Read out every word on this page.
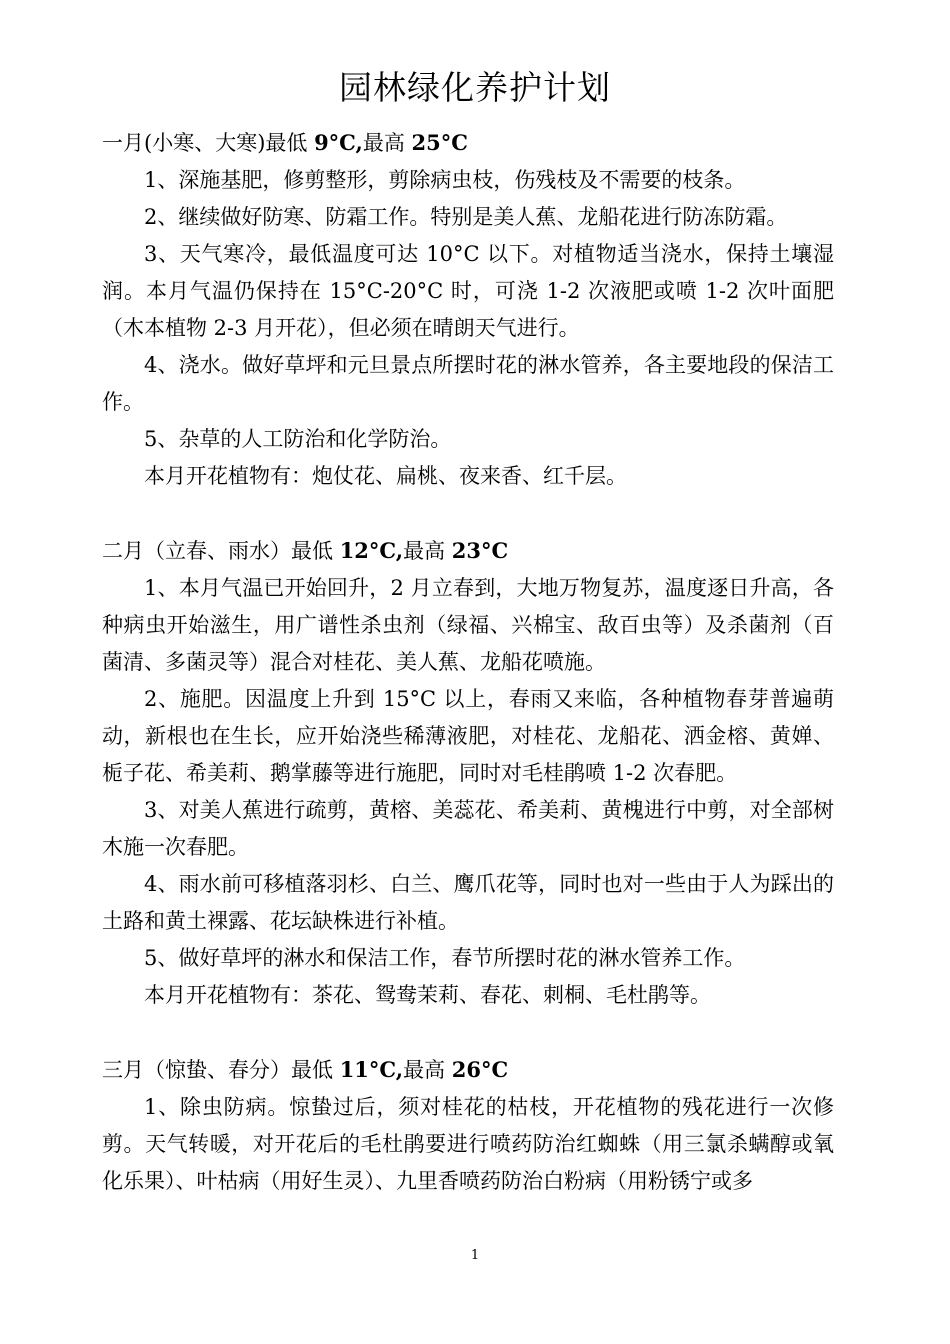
园林绿化养护计划

一月(小寒、大寒)最低 9°C,最高 25°C

1、深施基肥，修剪整形，剪除病虫枝，伤残枝及不需要的枝条。

2、继续做好防寒、防霜工作。特别是美人蕉、龙船花进行防冻防霜。

3、天气寒冷，最低温度可达 10°C 以下。对植物适当浇水，保持土壤湿润。本月气温仍保持在 15°C-20°C 时，可浇 1-2 次液肥或喷 1-2 次叶面肥（木本植物 2-3 月开花），但必须在晴朗天气进行。

4、浇水。做好草坪和元旦景点所摆时花的淋水管养，各主要地段的保洁工作。

5、杂草的人工防治和化学防治。

本月开花植物有：炮仗花、扁桃、夜来香、红千层。

二月（立春、雨水）最低 12°C,最高 23°C

1、本月气温已开始回升，2 月立春到，大地万物复苏，温度逐日升高，各种病虫开始滋生，用广谱性杀虫剂（绿福、兴棉宝、敌百虫等）及杀菌剂（百菌清、多菌灵等）混合对桂花、美人蕉、龙船花喷施。

2、施肥。因温度上升到 15°C 以上，春雨又来临，各种植物春芽普遍萌动，新根也在生长，应开始浇些稀薄液肥，对桂花、龙船花、洒金榕、黄婵、栀子花、希美莉、鹅掌藤等进行施肥，同时对毛桂鹃喷 1-2 次春肥。

3、对美人蕉进行疏剪，黄榕、美蕊花、希美莉、黄槐进行中剪，对全部树木施一次春肥。

4、雨水前可移植落羽杉、白兰、鹰爪花等，同时也对一些由于人为踩出的土路和黄土裸露、花坛缺株进行补植。

5、做好草坪的淋水和保洁工作，春节所摆时花的淋水管养工作。

本月开花植物有：茶花、鸳鸯茉莉、春花、刺桐、毛杜鹃等。

三月（惊蛰、春分）最低 11°C,最高 26°C

1、除虫防病。惊蛰过后，须对桂花的枯枝，开花植物的残花进行一次修剪。天气转暖，对开花后的毛杜鹃要进行喷药防治红蜘蛛（用三氯杀螨醇或氧化乐果）、叶枯病（用好生灵）、九里香喷药防治白粉病（用粉锈宁或多

1
